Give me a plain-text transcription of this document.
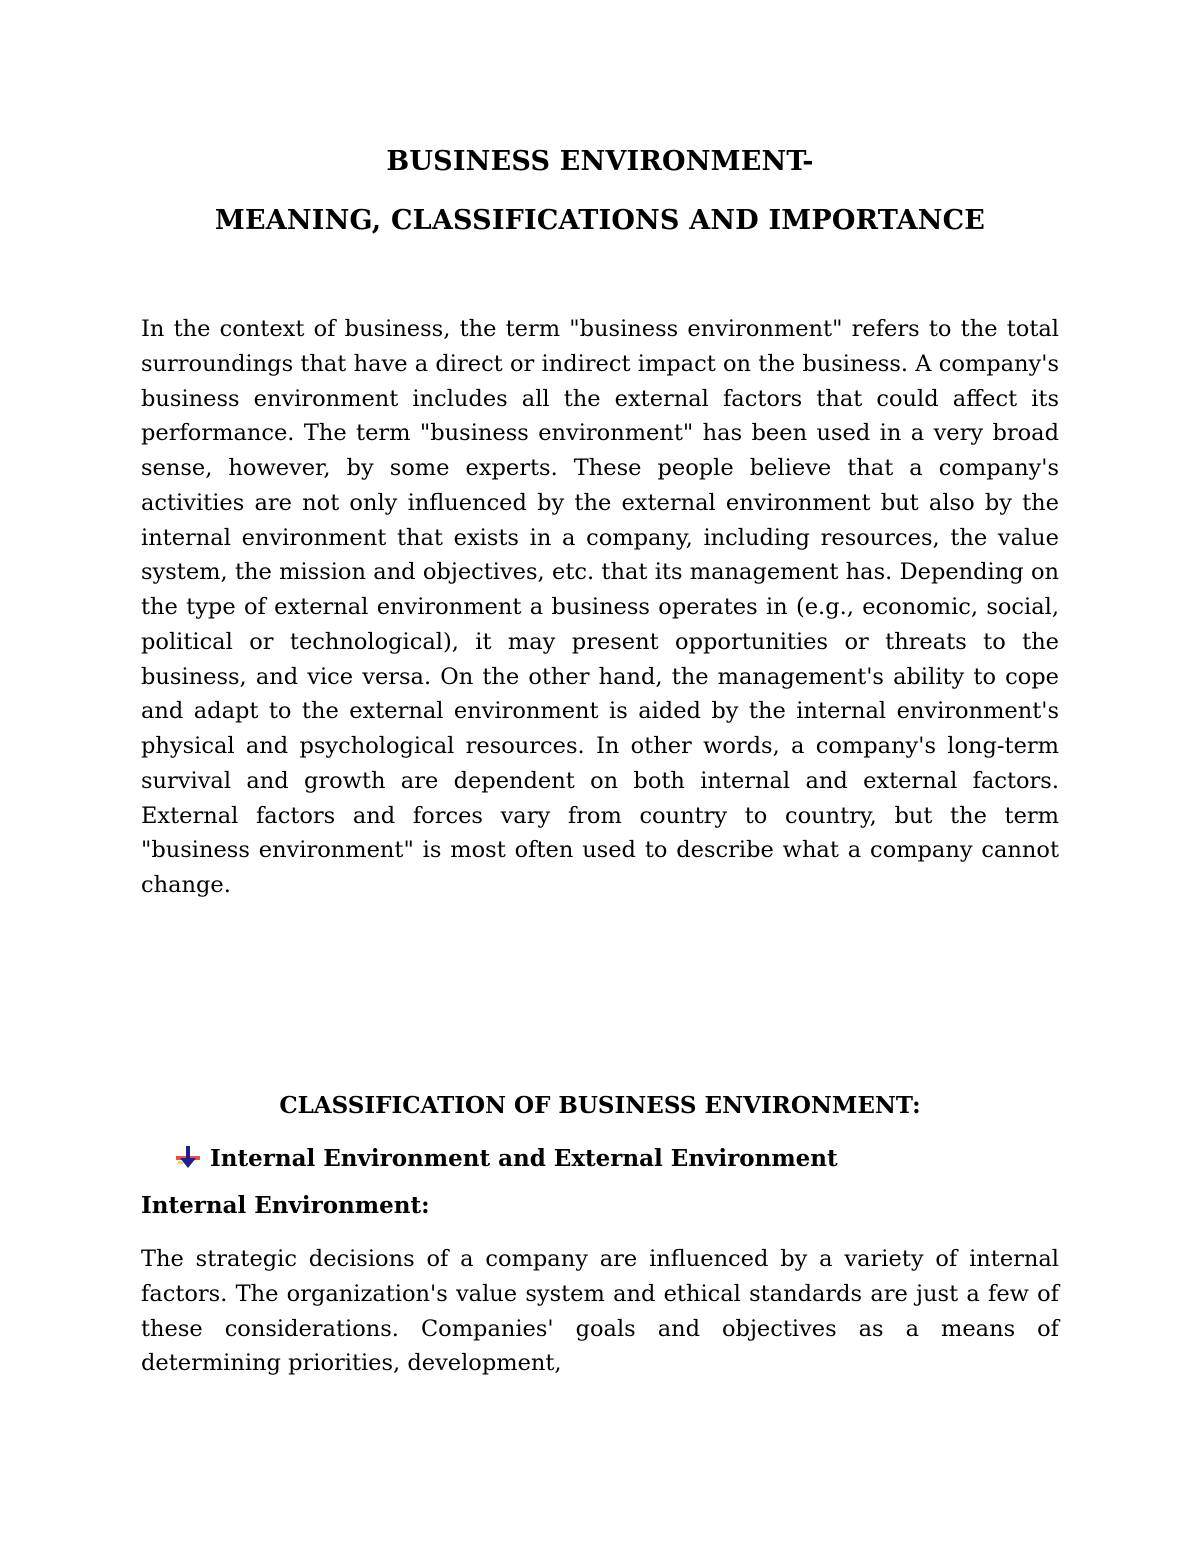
BUSINESS ENVIRONMENT-
MEANING, CLASSIFICATIONS AND IMPORTANCE
In the context of business, the term "business environment" refers to the total surroundings that have a direct or indirect impact on the business. A company's business environment includes all the external factors that could affect its performance. The term "business environment" has been used in a very broad sense, however, by some experts. These people believe that a company's activities are not only influenced by the external environment but also by the internal environment that exists in a company, including resources, the value system, the mission and objectives, etc. that its management has. Depending on the type of external environment a business operates in (e.g., economic, social, political or technological), it may present opportunities or threats to the business, and vice versa. On the other hand, the management's ability to cope and adapt to the external environment is aided by the internal environment's physical and psychological resources. In other words, a company's long-term survival and growth are dependent on both internal and external factors. External factors and forces vary from country to country, but the term "business environment" is most often used to describe what a company cannot change.
CLASSIFICATION OF BUSINESS ENVIRONMENT:
Internal Environment and External Environment
Internal Environment:
The strategic decisions of a company are influenced by a variety of internal factors. The organization's value system and ethical standards are just a few of these considerations. Companies' goals and objectives as a means of determining priorities, development,
